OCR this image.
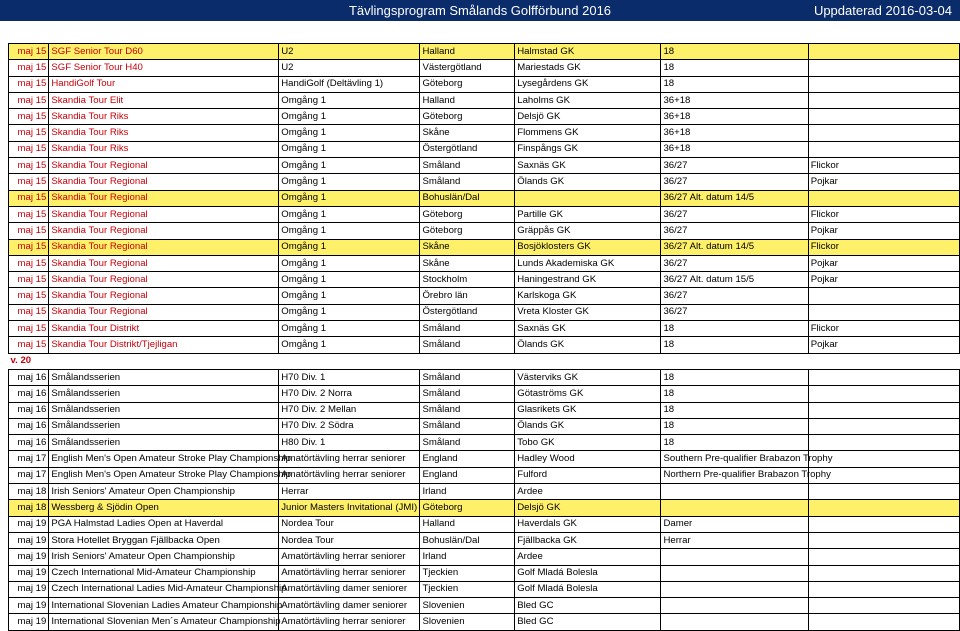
Tävlingsprogram Smålands Golfförbund 2016	Uppdaterad 2016-03-04
maj 15	SGF Senior Tour D60	U2	Halland	Halmstad GK	18	
maj 15	SGF Senior Tour H40	U2	Västergötland	Mariestads GK	18	
maj 15	HandiGolf Tour	HandiGolf (Deltävling 1)	Göteborg	Lysegårdens GK	18	
maj 15	Skandia Tour Elit	Omgång 1	Halland	Laholms GK	36+18	
maj 15	Skandia Tour Riks	Omgång 1	Göteborg	Delsjö GK	36+18	
maj 15	Skandia Tour Riks	Omgång 1	Skåne	Flommens GK	36+18	
maj 15	Skandia Tour Riks	Omgång 1	Östergötland	Finspångs GK	36+18	
maj 15	Skandia Tour Regional	Omgång 1	Småland	Saxnäs GK	36/27	Flickor
maj 15	Skandia Tour Regional	Omgång 1	Småland	Ölands GK	36/27	Pojkar
maj 15	Skandia Tour Regional	Omgång 1	Bohuslän/Dal		36/27 Alt. datum 14/5	
maj 15	Skandia Tour Regional	Omgång 1	Göteborg	Partille GK	36/27	Flickor
maj 15	Skandia Tour Regional	Omgång 1	Göteborg	Gräppås GK	36/27	Pojkar
maj 15	Skandia Tour Regional	Omgång 1	Skåne	Bosjöklosters GK	36/27 Alt. datum 14/5	Flickor
maj 15	Skandia Tour Regional	Omgång 1	Skåne	Lunds Akademiska GK	36/27	Pojkar
maj 15	Skandia Tour Regional	Omgång 1	Stockholm	Haningestrand GK	36/27 Alt. datum 15/5	Pojkar
maj 15	Skandia Tour Regional	Omgång 1	Örebro län	Karlskoga GK	36/27	
maj 15	Skandia Tour Regional	Omgång 1	Östergötland	Vreta Kloster GK	36/27	
maj 15	Skandia Tour Distrikt	Omgång 1	Småland	Saxnäs GK	18	Flickor
maj 15	Skandia Tour Distrikt/Tjejligan	Omgång 1	Småland	Ölands GK	18	Pojkar
v. 20						
maj 16	Smålandsserien	H70 Div. 1	Småland	Västerviks GK	18	
maj 16	Smålandsserien	H70 Div. 2 Norra	Småland	Götaströms GK	18	
maj 16	Smålandsserien	H70 Div. 2 Mellan	Småland	Glasrikets GK	18	
maj 16	Smålandsserien	H70 Div. 2 Södra	Småland	Ölands GK	18	
maj 16	Smålandsserien	H80 Div. 1	Småland	Tobo GK	18	
maj 17	English Men's Open Amateur Stroke Play Championship	Amatörtävling herrar seniorer	England	Hadley Wood	Southern Pre-qualifier Brabazon Trophy	
maj 17	English Men's Open Amateur Stroke Play Championship	Amatörtävling herrar seniorer	England	Fulford	Northern Pre-qualifier Brabazon Trophy	
maj 18	Irish Seniors' Amateur Open Championship	Herrar	Irland	Ardee		
maj 18	Wessberg & Sjödin Open	Junior Masters Invitational (JMI)	Göteborg	Delsjö GK		
maj 19	PGA Halmstad Ladies Open at Haverdal	Nordea Tour	Halland	Haverdals GK	Damer	
maj 19	Stora Hotellet Bryggan Fjällbacka Open	Nordea Tour	Bohuslän/Dal	Fjällbacka GK	Herrar	
maj 19	Irish Seniors' Amateur Open Championship	Amatörtävling herrar seniorer	Irland	Ardee		
maj 19	Czech International Mid-Amateur Championship	Amatörtävling herrar seniorer	Tjeckien	Golf Mladá Bolesla		
maj 19	Czech International Ladies Mid-Amateur Championship	Amatörtävling damer seniorer	Tjeckien	Golf Mladá Bolesla		
maj 19	International Slovenian Ladies Amateur Championship	Amatörtävling damer seniorer	Slovenien	Bled GC		
maj 19	International Slovenian Men´s Amateur Championship	Amatörtävling herrar seniorer	Slovenien	Bled GC		
